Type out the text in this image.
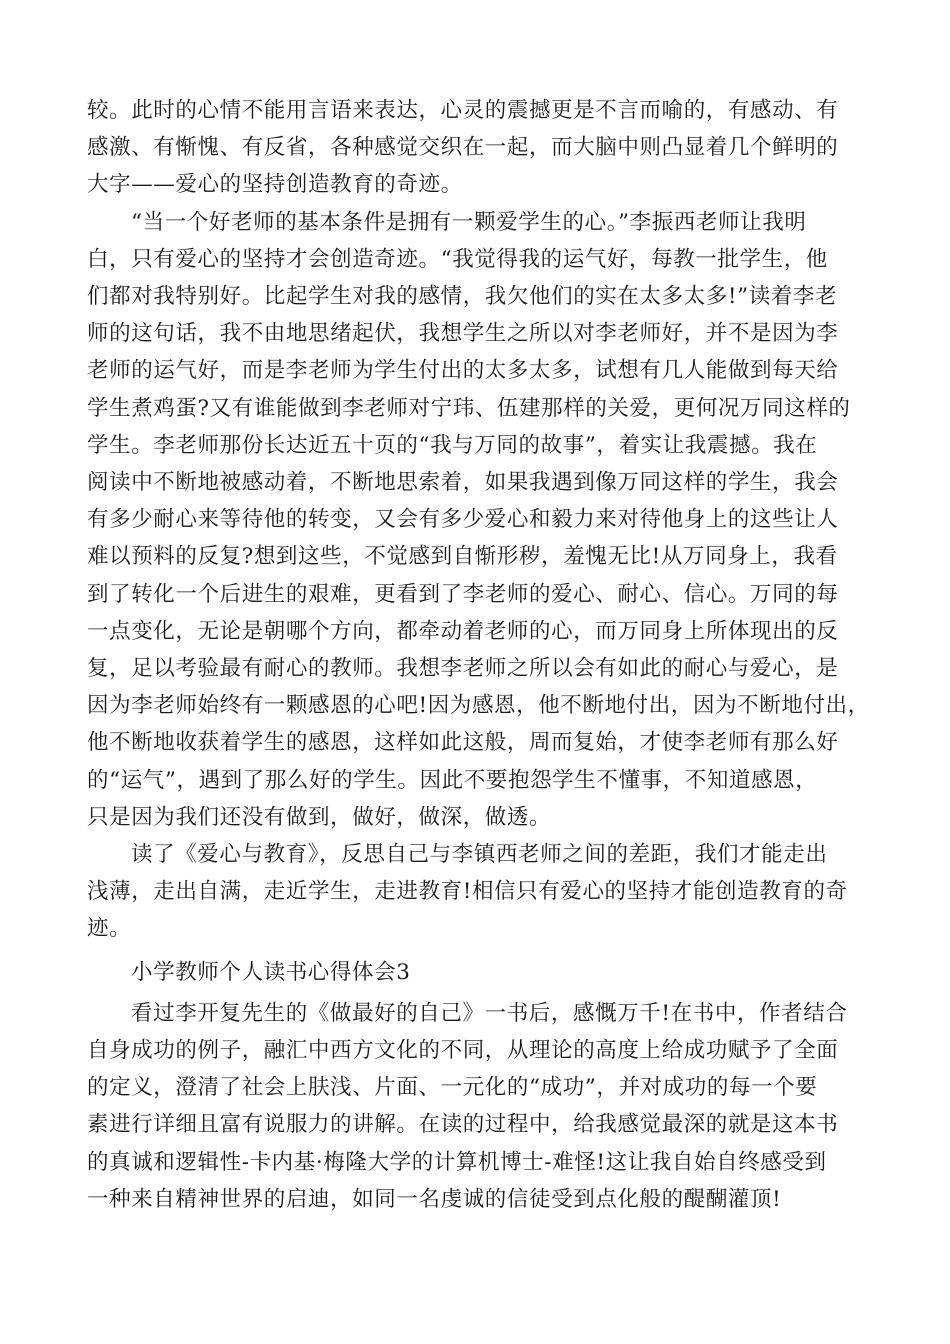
较。此时的心情不能用言语来表达，心灵的震撼更是不言而喻的，有感动、有
感激、有惭愧、有反省，各种感觉交织在一起，而大脑中则凸显着几个鲜明的
大字——爱心的坚持创造教育的奇迹。

“当一个好老师的基本条件是拥有一颗爱学生的心。”李振西老师让我明
白，只有爱心的坚持才会创造奇迹。“我觉得我的运气好，每教一批学生，他
们都对我特别好。比起学生对我的感情，我欠他们的实在太多太多!”读着李老
师的这句话，我不由地思绪起伏，我想学生之所以对李老师好，并不是因为李
老师的运气好，而是李老师为学生付出的太多太多，试想有几人能做到每天给
学生煮鸡蛋?又有谁能做到李老师对宁玮、伍建那样的关爱，更何况万同这样的
学生。李老师那份长达近五十页的“我与万同的故事”，着实让我震撼。我在
阅读中不断地被感动着，不断地思索着，如果我遇到像万同这样的学生，我会
有多少耐心来等待他的转变，又会有多少爱心和毅力来对待他身上的这些让人
难以预料的反复?想到这些，不觉感到自惭形秽，羞愧无比!从万同身上，我看
到了转化一个后进生的艰难，更看到了李老师的爱心、耐心、信心。万同的每
一点变化，无论是朝哪个方向，都牵动着老师的心，而万同身上所体现出的反
复，足以考验最有耐心的教师。我想李老师之所以会有如此的耐心与爱心，是
因为李老师始终有一颗感恩的心吧!因为感恩，他不断地付出，因为不断地付出，
他不断地收获着学生的感恩，这样如此这般，周而复始，才使李老师有那么好
的“运气”，遇到了那么好的学生。因此不要抱怨学生不懂事，不知道感恩，
只是因为我们还没有做到，做好，做深，做透。

读了《爱心与教育》，反思自己与李镇西老师之间的差距，我们才能走出
浅薄，走出自满，走近学生，走进教育!相信只有爱心的坚持才能创造教育的奇
迹。

小学教师个人读书心得体会3

看过李开复先生的《做最好的自己》一书后，感慨万千!在书中，作者结合
自身成功的例子，融汇中西方文化的不同，从理论的高度上给成功赋予了全面
的定义，澄清了社会上肤浅、片面、一元化的“成功”，并对成功的每一个要
素进行详细且富有说服力的讲解。在读的过程中，给我感觉最深的就是这本书
的真诚和逻辑性-卡内基·梅隆大学的计算机博士-难怪!这让我自始自终感受到
一种来自精神世界的启迪，如同一名虔诚的信徒受到点化般的醍醐灌顶!
